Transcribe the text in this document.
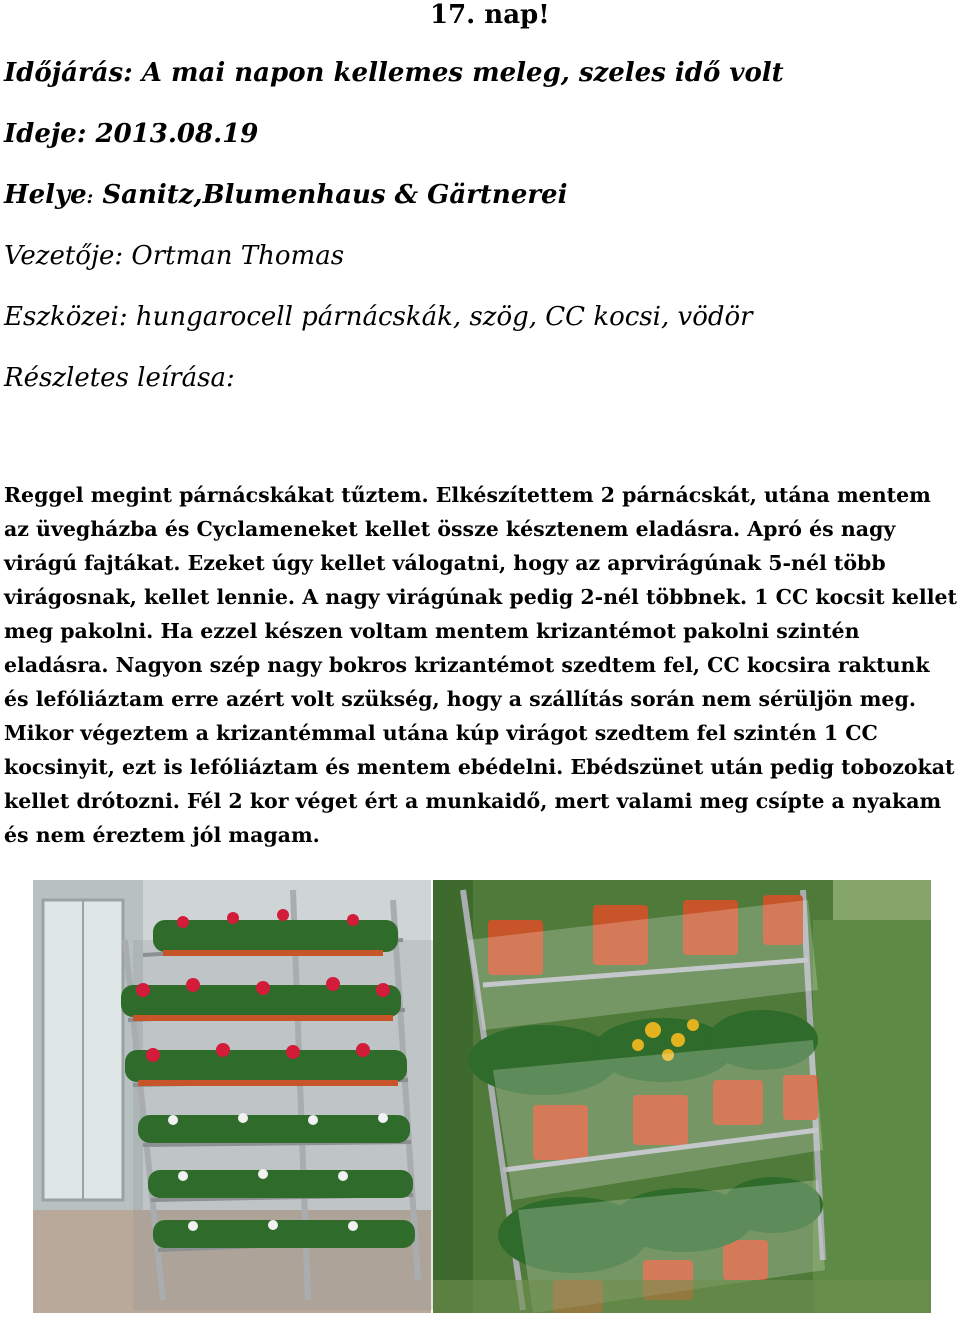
17. nap!
Időjárás: A mai napon kellemes meleg, szeles idő volt
Ideje: 2013.08.19
Helye: Sanitz,Blumenhaus & Gärtnerei
Vezetője: Ortman Thomas
Eszközei: hungarocell párnácskák, szög, CC kocsi, vödör
Részletes leírása:

Reggel megint párnácskákat tűztem. Elkészítettem 2 párnácskát, utána mentem az üvegházba és Cyclameneket kellet össze késztenem eladásra. Apró és nagy virágú fajtákat. Ezeket úgy kellet válogatni, hogy az aprvirágúnak 5-nél több virágosnak, kellet lennie. A nagy virágúnak pedig 2-nél többnek. 1 CC kocsit kellet meg pakolni. Ha ezzel készen voltam mentem krizantémot pakolni szintén eladásra. Nagyon szép nagy bokros krizantémot szedtem fel, CC kocsira raktunk és lefóliáztam erre azért volt szükség, hogy a szállítás során nem sérüljön meg. Mikor végeztem a krizantémmal utána kúp virágot szedtem fel szintén 1 CC kocsinyit, ezt is lefóliáztam és mentem ebédelni. Ebédszünet után pedig tobozokat kellet drótozni. Fél 2 kor véget ért a munkaidő, mert valami meg csípte a nyakam és nem éreztem jól magam.
